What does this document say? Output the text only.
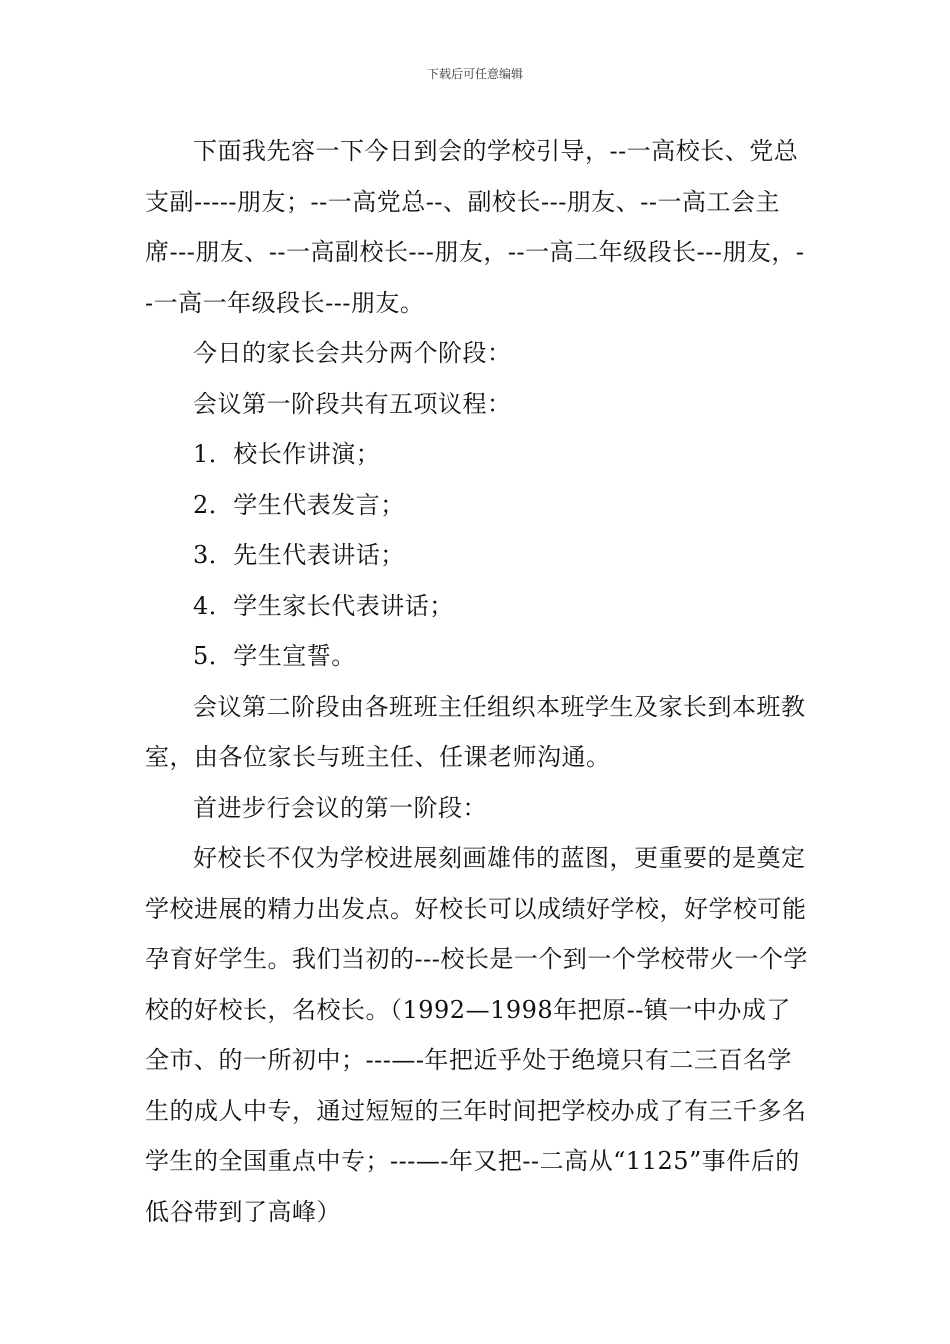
下载后可任意编辑

下面我先容一下今日到会的学校引导，--一高校长、党总支副-----朋友；--一高党总--、副校长---朋友、--一高工会主席---朋友、--一高副校长---朋友，--一高二年级段长---朋友，--一高一年级段长---朋友。

今日的家长会共分两个阶段：

会议第一阶段共有五项议程：

1．校长作讲演；

2．学生代表发言；

3．先生代表讲话；

4．学生家长代表讲话；

5．学生宣誓。

会议第二阶段由各班班主任组织本班学生及家长到本班教室，由各位家长与班主任、任课老师沟通。

首进步行会议的第一阶段：

好校长不仅为学校进展刻画雄伟的蓝图，更重要的是奠定学校进展的精力出发点。好校长可以成绩好学校，好学校可能孕育好学生。我们当初的---校长是一个到一个学校带火一个学校的好校长，名校长。（1992—1998年把原--镇一中办成了全市、的一所初中；---—-年把近乎处于绝境只有二三百名学生的成人中专，通过短短的三年时间把学校办成了有三千多名学生的全国重点中专；---—-年又把--二高从“1125”事件后的低谷带到了高峰）
